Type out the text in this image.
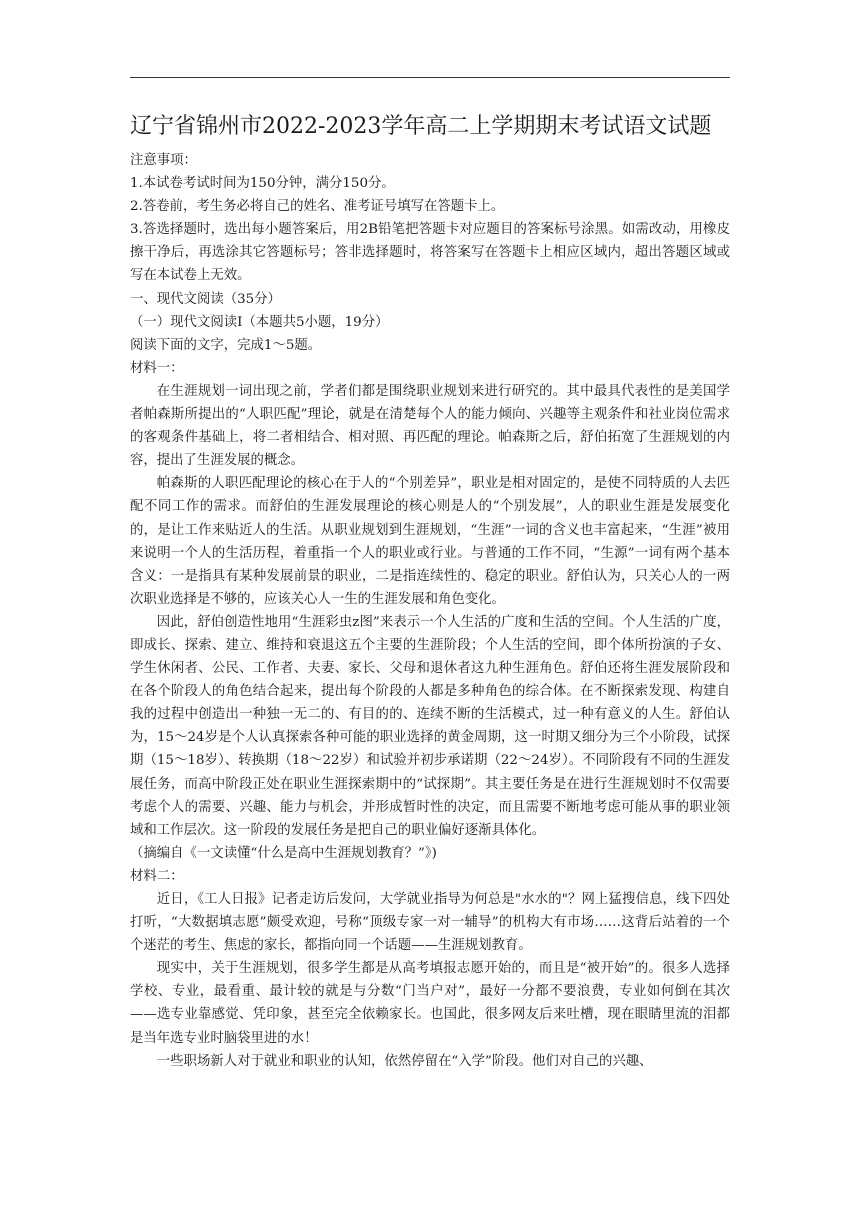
辽宁省锦州市2022-2023学年高二上学期期末考试语文试题

注意事项：

1.本试卷考试时间为150分钟，满分150分。

2.答卷前，考生务必将自己的姓名、准考证号填写在答题卡上。

3.答选择题时，选出每小题答案后，用2B铅笔把答题卡对应题目的答案标号涂黑。如需改动，用橡皮擦干净后，再选涂其它答题标号；答非选择题时，将答案写在答题卡上相应区域内，超出答题区域或写在本试卷上无效。

一、现代文阅读（35分）

（一）现代文阅读Ⅰ（本题共5小题，19分）

阅读下面的文字，完成1～5题。

材料一：

在生涯规划一词出现之前，学者们都是围绕职业规划来进行研究的。其中最具代表性的是美国学者帕森斯所提出的“人职匹配”理论，就是在清楚每个人的能力倾向、兴趣等主观条件和社业岗位需求的客观条件基础上，将二者相结合、相对照、再匹配的理论。帕森斯之后，舒伯拓宽了生涯规划的内容，提出了生涯发展的概念。

帕森斯的人职匹配理论的核心在于人的“个别差异”，职业是相对固定的，是使不同特质的人去匹配不同工作的需求。而舒伯的生涯发展理论的核心则是人的“个别发展”，人的职业生涯是发展变化的，是让工作来贴近人的生活。从职业规划到生涯规划，“生涯”一词的含义也丰富起来，“生涯”被用来说明一个人的生活历程，着重指一个人的职业或行业。与普通的工作不同，“生源”一词有两个基本含义：一是指具有某种发展前景的职业，二是指连续性的、稳定的职业。舒伯认为，只关心人的一两次职业选择是不够的，应该关心人一生的生涯发展和角色变化。

因此，舒伯创造性地用“生涯彩虫z图”来表示一个人生活的广度和生活的空间。个人生活的广度，即成长、探索、建立、维持和衰退这五个主要的生涯阶段；个人生活的空间，即个体所扮演的子女、学生休闲者、公民、工作者、夫妻、家长、父母和退休者这九种生涯角色。舒伯还将生涯发展阶段和在各个阶段人的角色结合起来，提出每个阶段的人都是多种角色的综合体。在不断探索发现、构建自我的过程中创造出一种独一无二的、有目的的、连续不断的生活模式，过一种有意义的人生。舒伯认为，15～24岁是个人认真探索各种可能的职业选择的黄金周期，这一时期又细分为三个小阶段，试探期（15～18岁）、转换期（18～22岁）和试验并初步承诺期（22～24岁）。不同阶段有不同的生涯发展任务，而高中阶段正处在职业生涯探索期中的“试探期”。其主要任务是在进行生涯规划时不仅需要考虑个人的需要、兴趣、能力与机会，并形成暂时性的决定，而且需要不断地考虑可能从事的职业领域和工作层次。这一阶段的发展任务是把自己的职业偏好逐渐具体化。

（摘编自《一文读懂“什么是高中生涯规划教育？”》)

材料二：

近日，《工人日报》记者走访后发问，大学就业指导为何总是"水水的"？网上猛搜信息，线下四处打听，“大数据填志愿”颇受欢迎，号称“顶级专家一对一辅导”的机构大有市场……这背后站着的一个个迷茫的考生、焦虑的家长，都指向同一个话题——生涯规划教育。

现实中，关于生涯规划，很多学生都是从高考填报志愿开始的，而且是“被开始”的。很多人选择学校、专业，最看重、最计较的就是与分数“门当户对”，最好一分都不要浪费，专业如何倒在其次——选专业靠感觉、凭印象，甚至完全依赖家长。也国此，很多网友后来吐槽，现在眼睛里流的泪都是当年选专业时脑袋里进的水！

一些职场新人对于就业和职业的认知，依然停留在“入学”阶段。他们对自己的兴趣、
